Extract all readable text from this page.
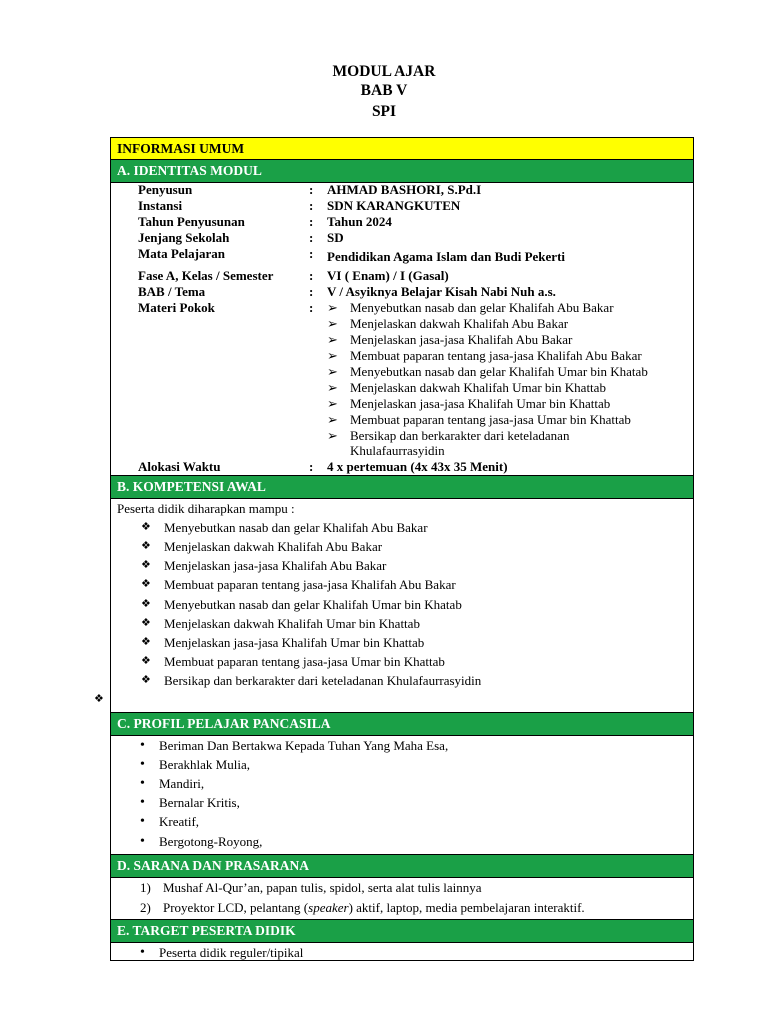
MODUL AJAR
BAB V
SPI
INFORMASI UMUM
A. IDENTITAS MODUL
Penyusun	: AHMAD BASHORI, S.Pd.I
Instansi	: SDN KARANGKUTEN
Tahun Penyusunan	: Tahun 2024
Jenjang Sekolah	: SD
Mata Pelajaran	: Pendidikan Agama Islam dan Budi Pekerti
Fase A, Kelas / Semester	: VI ( Enam) / I (Gasal)
BAB / Tema	: V / Asyiknya Belajar Kisah Nabi Nuh a.s.
Materi Pokok	: ➢ Menyebutkan nasab dan gelar Khalifah Abu Bakar
➢ Menjelaskan dakwah Khalifah Abu Bakar
➢ Menjelaskan jasa-jasa Khalifah Abu Bakar
➢ Membuat paparan tentang jasa-jasa Khalifah Abu Bakar
➢ Menyebutkan nasab dan gelar Khalifah Umar bin Khatab
➢ Menjelaskan dakwah Khalifah Umar bin Khattab
➢ Menjelaskan jasa-jasa Khalifah Umar bin Khattab
➢ Membuat paparan tentang jasa-jasa Umar bin Khattab
➢ Bersikap dan berkarakter dari keteladanan
Khulafaurrasyidin
Alokasi Waktu	: 4 x pertemuan (4x 43x 35 Menit)
B. KOMPETENSI AWAL
Peserta didik diharapkan mampu :
❖ Menyebutkan nasab dan gelar Khalifah Abu Bakar
❖ Menjelaskan dakwah Khalifah Abu Bakar
❖ Menjelaskan jasa-jasa Khalifah Abu Bakar
❖ Membuat paparan tentang jasa-jasa Khalifah Abu Bakar
❖ Menyebutkan nasab dan gelar Khalifah Umar bin Khatab
❖ Menjelaskan dakwah Khalifah Umar bin Khattab
❖ Menjelaskan jasa-jasa Khalifah Umar bin Khattab
❖ Membuat paparan tentang jasa-jasa Umar bin Khattab
❖ Bersikap dan berkarakter dari keteladanan Khulafaurrasyidin
❖
C. PROFIL PELAJAR PANCASILA
• Beriman Dan Bertakwa Kepada Tuhan Yang Maha Esa,
• Berakhlak Mulia,
• Mandiri,
• Bernalar Kritis,
• Kreatif,
• Bergotong-Royong,
D. SARANA DAN PRASARANA
1) Mushaf Al-Qur’an, papan tulis, spidol, serta alat tulis lainnya
2) Proyektor LCD, pelantang (speaker) aktif, laptop, media pembelajaran interaktif.
E. TARGET PESERTA DIDIK
• Peserta didik reguler/tipikal
